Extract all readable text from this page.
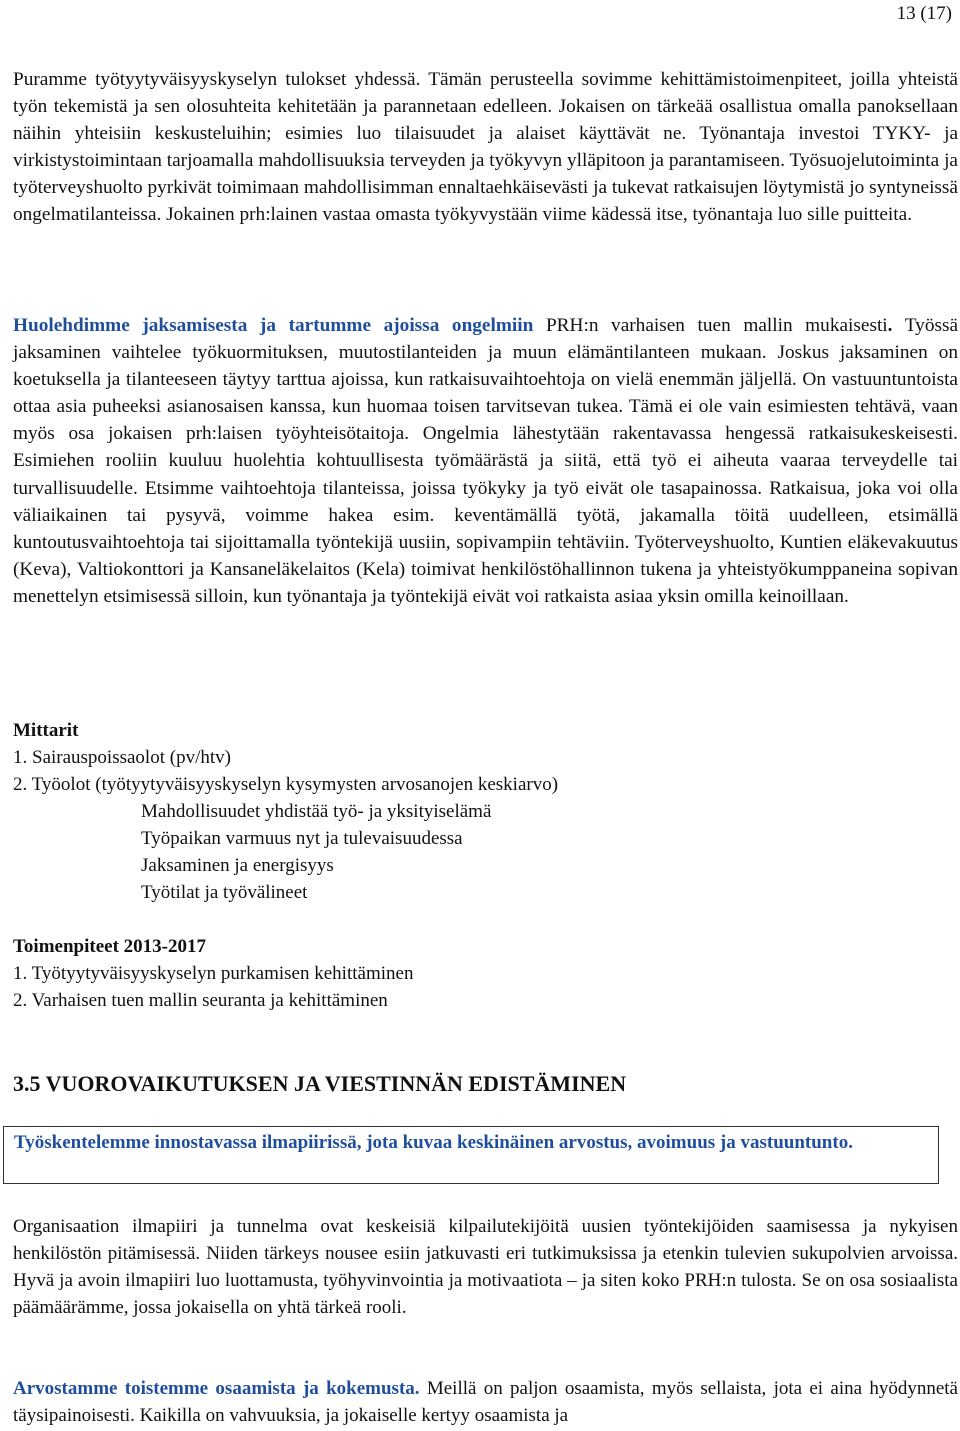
13 (17)

Puramme työtyytyväisyyskyselyn tulokset yhdessä. Tämän perusteella sovimme kehittämistoimenpiteet, joilla yhteistä työn tekemistä ja sen olosuhteita kehitetään ja parannetaan edelleen. Jokaisen on tärkeää osallistua omalla panoksellaan näihin yhteisiin keskusteluihin; esimies luo tilaisuudet ja alaiset käyttävät ne. Työnantaja investoi TYKY- ja virkistystoimintaan tarjoamalla mahdollisuuksia terveyden ja työkyvyn ylläpitoon ja parantamiseen. Työsuojelutoiminta ja työterveyshuolto pyrkivät toimimaan mahdollisimman ennaltaehkäisevästi ja tukevat ratkaisujen löytymistä jo syntyneissä ongelmatilanteissa. Jokainen prh:lainen vastaa omasta työkyvystään viime kädessä itse, työnantaja luo sille puitteita.

Huolehdimme jaksamisesta ja tartumme ajoissa ongelmiin PRH:n varhaisen tuen mallin mukaisesti. Työssä jaksaminen vaihtelee työkuormituksen, muutostilanteiden ja muun elämäntilanteen mukaan. Joskus jaksaminen on koetuksella ja tilanteeseen täytyy tarttua ajoissa, kun ratkaisuvaihtoehtoja on vielä enemmän jäljellä. On vastuuntuntoista ottaa asia puheeksi asianosaisen kanssa, kun huomaa toisen tarvitsevan tukea. Tämä ei ole vain esimiesten tehtävä, vaan myös osa jokaisen prh:laisen työyhteisötaitoja. Ongelmia lähestytään rakentavassa hengessä ratkaisukeskeisesti. Esimiehen rooliin kuuluu huolehtia kohtuullisesta työmäärästä ja siitä, että työ ei aiheuta vaaraa terveydelle tai turvallisuudelle. Etsimme vaihtoehtoja tilanteissa, joissa työkyky ja työ eivät ole tasapainossa. Ratkaisua, joka voi olla väliaikainen tai pysyvä, voimme hakea esim. keventämällä työtä, jakamalla töitä uudelleen, etsimällä kuntoutusvaihtoehtoja tai sijoittamalla työntekijä uusiin, sopivampiin tehtäviin. Työterveyshuolto, Kuntien eläkevakuutus (Keva), Valtiokonttori ja Kansaneläkelaitos (Kela) toimivat henkilöstöhallinnon tukena ja yhteistyökumppaneina sopivan menettelyn etsimisessä silloin, kun työnantaja ja työntekijä eivät voi ratkaista asiaa yksin omilla keinoillaan.

Mittarit
1. Sairauspoissaolot (pv/htv)
2. Työolot (työtyytyväisyyskyselyn kysymysten arvosanojen keskiarvo)
Mahdollisuudet yhdistää työ- ja yksityiselämä
Työpaikan varmuus nyt ja tulevaisuudessa
Jaksaminen ja energisyys
Työtilat ja työvälineet
Toimenpiteet 2013-2017
1. Työtyytyväisyyskyselyn purkamisen kehittäminen
2. Varhaisen tuen mallin seuranta ja kehittäminen
3.5 VUOROVAIKUTUKSEN JA VIESTINNÄN EDISTÄMINEN
Työskentelemme innostavassa ilmapiirissä, jota kuvaa keskinäinen arvostus, avoimuus ja vastuuntunto.

Organisaation ilmapiiri ja tunnelma ovat keskeisiä kilpailutekijöitä uusien työntekijöiden saamisessa ja nykyisen henkilöstön pitämisessä. Niiden tärkeys nousee esiin jatkuvasti eri tutkimuksissa ja etenkin tulevien sukupolvien arvoissa. Hyvä ja avoin ilmapiiri luo luottamusta, työhyvinvointia ja motivaatiota – ja siten koko PRH:n tulosta. Se on osa sosiaalista päämäärämme, jossa jokaisella on yhtä tärkeä rooli.

Arvostamme toistemme osaamista ja kokemusta. Meillä on paljon osaamista, myös sellaista, jota ei aina hyödynnetä täysipainoisesti. Kaikilla on vahvuuksia, ja jokaiselle kertyy osaamista ja
